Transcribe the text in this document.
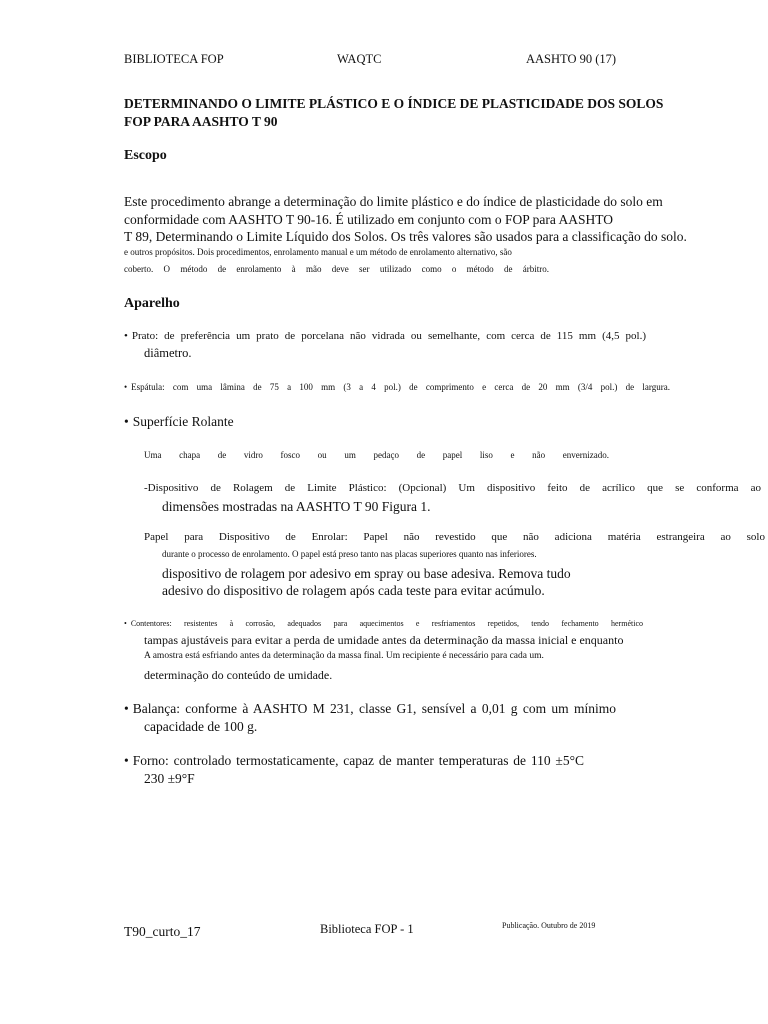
BIBLIOTECA FOP	WAQTC	AASHTO 90 (17)
DETERMINANDO O LIMITE PLÁSTICO E O ÍNDICE DE PLASTICIDADE DOS SOLOS
FOP PARA AASHTO T 90
Escopo
Este procedimento abrange a determinação do limite plástico e do índice de plasticidade do solo em
conformidade com AASHTO T 90-16. É utilizado em conjunto com o FOP para AASHTO
T 89, Determinando o Limite Líquido dos Solos. Os três valores são usados para a classificação do solo.
e outros propósitos. Dois procedimentos, enrolamento manual e um método de enrolamento alternativo, são
coberto. O método de enrolamento à mão deve ser utilizado como o método de árbitro.
Aparelho
• Prato: de preferência um prato de porcelana não vidrada ou semelhante, com cerca de 115 mm (4,5 pol.)
diâmetro.
• Espátula: com uma lâmina de 75 a 100 mm (3 a 4 pol.) de comprimento e cerca de 20 mm (3/4 pol.) de largura.
• Superfície Rolante
Uma chapa de vidro fosco ou um pedaço de papel liso e não envernizado.
-Dispositivo de Rolagem de Limite Plástico: (Opcional) Um dispositivo feito de acrílico que se conforma ao
dimensões mostradas na AASHTO T 90 Figura 1.
Papel para Dispositivo de Enrolar: Papel não revestido que não adiciona matéria estrangeira ao solo
durante o processo de enrolamento. O papel está preso tanto nas placas superiores quanto nas inferiores.
dispositivo de rolagem por adesivo em spray ou base adesiva. Remova tudo
adesivo do dispositivo de rolagem após cada teste para evitar acúmulo.
• Contentores: resistentes à corrosão, adequados para aquecimentos e resfriamentos repetidos, tendo fechamento hermético
tampas ajustáveis para evitar a perda de umidade antes da determinação da massa inicial e enquanto
A amostra está esfriando antes da determinação da massa final. Um recipiente é necessário para cada um.
determinação do conteúdo de umidade.
• Balança: conforme à AASHTO M 231, classe G1, sensível a 0,01 g com um mínimo
capacidade de 100 g.
• Forno: controlado termostaticamente, capaz de manter temperaturas de 110 ±5°C
230 ±9°F
T90_curto_17	Biblioteca FOP - 1	Publicação. Outubro de 2019
